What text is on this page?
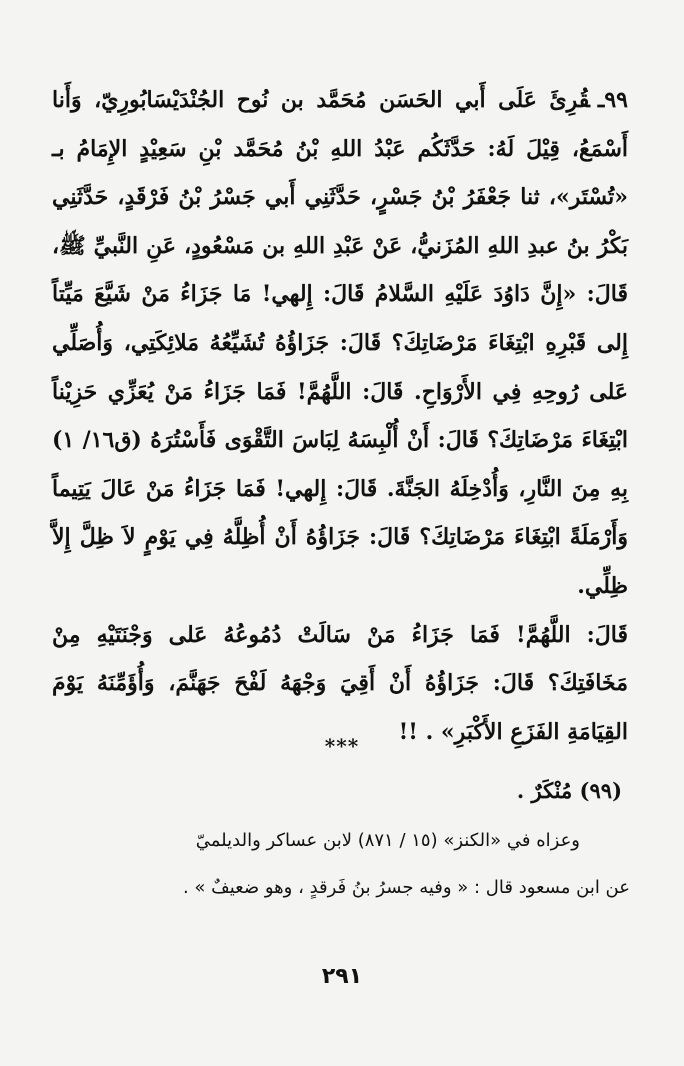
٩٩ـقُرِئَ عَلَى أَبي الحَسَن مُحَمَّد بن نُوح الجُنْدَيْسَابُورِيّ، وَأَنا أَسْمَعُ، قِيْلَ لَهُ: حَدَّثَكُم عَبْدُ اللهِ بْنُ مُحَمَّد بْنِ سَعِيْدٍ الإِمَامُ بـ «تُسْتَر»، ثنا جَعْفَرُ بْنُ جَسْرٍ، حَدَّثَنِي أَبي جَسْرُ بْنُ فَرْقَدٍ، حَدَّثَنِي بَكْرُ بنُ عبدِ اللهِ المُزَنيُّ، عَنْ عَبْدِ اللهِ بن مَسْعُودٍ، عَنِ النَّبيِّ ﷺ، قَالَ: «إِنَّ دَاوُدَ عَلَيْهِ السَّلامُ قَالَ: إِلهي! مَا جَزَاءُ مَنْ شَيَّعَ مَيِّتاً إِلى قَبْرِهِ ابْتِغَاءَ مَرْضَاتِكَ؟ قَالَ: جَزَاؤُهُ تُشَيِّعُهُ مَلائِكَتِي، وَأُصَلِّي عَلى رُوحِهِ فِي الأَرْوَاحِ. قَالَ: اللَّهُمَّ! فَمَا جَزَاءُ مَنْ يُعَزِّي حَزِيْناً ابْتِغَاءَ مَرْضَاتِكَ؟ قَالَ: أَنْ أُلْبِسَهُ لِبَاسَ التَّقْوَى فَأَسْتُرَهُ (ق١٦/ ١) بِهِ مِنَ النَّارِ، وَأُدْخِلَهُ الجَنَّةَ. قَالَ: إِلهي! فَمَا جَزَاءُ مَنْ عَالَ يَتِيماً وَأَرْمَلَةً ابْتِغَاءَ مَرْضَاتِكَ؟ قَالَ: جَزَاؤُهُ أَنْ أُظِلَّهُ فِي يَوْمٍ لاَ ظِلَّ إِلاَّ ظِلِّي.

قَالَ: اللَّهُمَّ! فَمَا جَزَاءُ مَنْ سَالَتْ دُمُوعُهُ عَلى وَجْنَتَيْهِ مِنْ مَخَافَتِكَ؟ قَالَ: جَزَاؤُهُ أَنْ أَقِيَ وَجْهَهُ لَفْحَ جَهَنَّمَ، وَأُؤَمِّنَهُ يَوْمَ القِيَامَةِ الفَزَعِ الأَكْبَرِ» . !!

***

(٩٩) مُنْكَرٌ .

وعزاه في «الكنز» (١٥ / ٨٧١) لابن عساكر والديلميّ
عن ابن مسعود قال : « وفيه جسرُ بنُ فَرقدٍ ، وهو ضعيفٌ » .

٢٩١
